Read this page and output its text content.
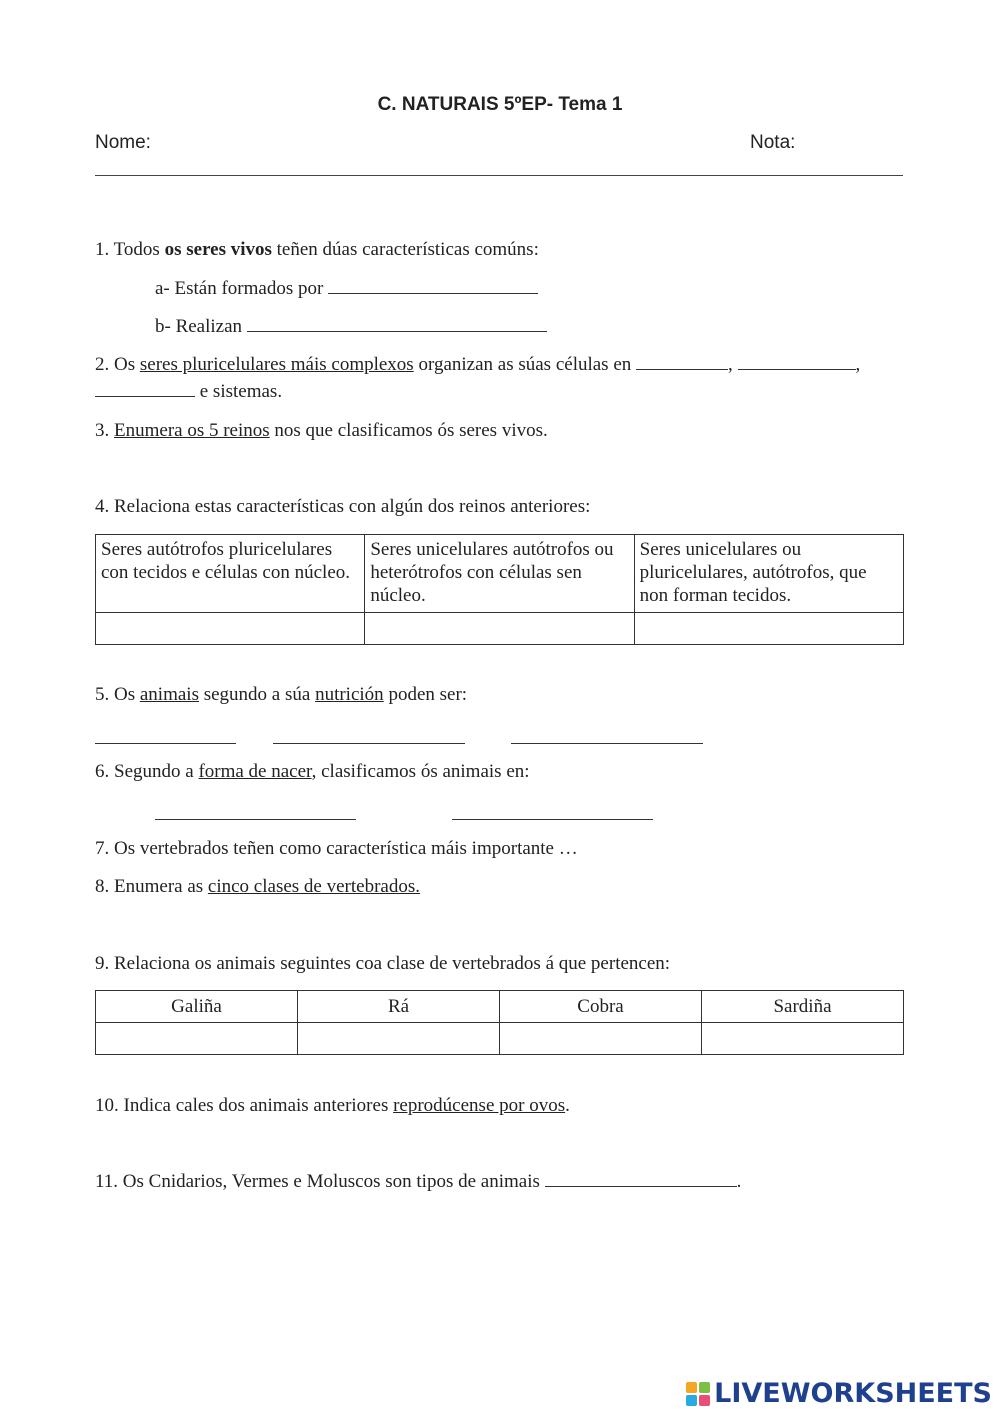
C. NATURAIS 5ºEP- Tema 1
Nome:	Nota:
1. Todos os seres vivos teñen dúas características comúns:
a- Están formados por
b- Realizan
2. Os seres pluricelulares máis complexos organizan as súas células en	,	,
e sistemas.
3. Enumera os 5 reinos nos que clasificamos ós seres vivos.
4. Relaciona estas características con algún dos reinos anteriores:
Seres autótrofos pluricelulares con tecidos e células con núcleo.	Seres unicelulares autótrofos ou heterótrofos con células sen núcleo.	Seres unicelulares ou pluricelulares, autótrofos, que non forman tecidos.

5. Os animais segundo a súa nutrición poden ser:
6. Segundo a forma de nacer, clasificamos ós animais en:
7. Os vertebrados teñen como característica máis importante …
8. Enumera as cinco clases de vertebrados.
9. Relaciona os animais seguintes coa clase de vertebrados á que pertencen:
Galiña	Rá	Cobra	Sardiña

10. Indica cales dos animais anteriores reprodúcense por ovos.
11. Os Cnidarios, Vermes e Moluscos son tipos de animais	.
LIVEWORKSHEETS
